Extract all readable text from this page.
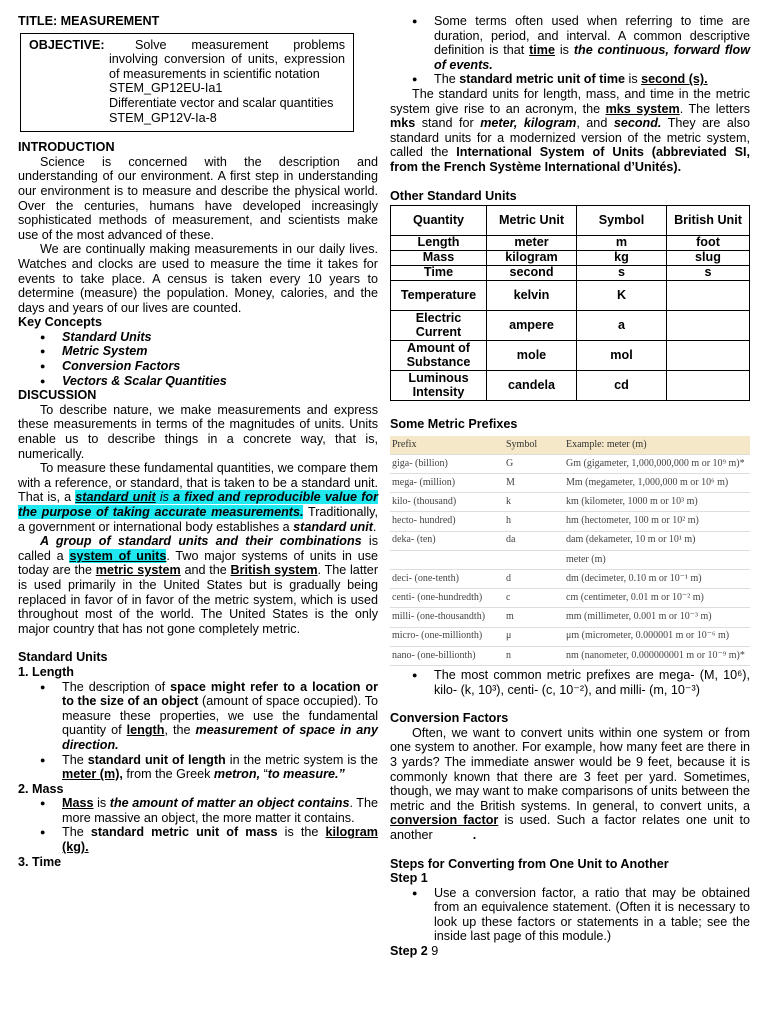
TITLE: MEASUREMENT
OBJECTIVE:	Solve measurement problems involving conversion of units, expression of measurements in scientific notation
STEM_GP12EU-Ia1
Differentiate vector and scalar quantities
STEM_GP12V-Ia-8
INTRODUCTION

Science is concerned with the description and understanding of our environment. A first step in understanding our environment is to measure and describe the physical world. Over the centuries, humans have developed increasingly sophisticated methods of measurement, and scientists make use of the most advanced of these.

We are continually making measurements in our daily lives. Watches and clocks are used to measure the time it takes for events to take place. A census is taken every 10 years to determine (measure) the population. Money, calories, and the days and years of our lives are counted.

Key Concepts
● Standard Units
● Metric System
● Conversion Factors
● Vectors & Scalar Quantities
DISCUSSION

To describe nature, we make measurements and express these measurements in terms of the magnitudes of units. Units enable us to describe things in a concrete way, that is, numerically.

To measure these fundamental quantities, we compare them with a reference, or standard, that is taken to be a standard unit. That is, a standard unit is a fixed and reproducible value for the purpose of taking accurate measurements. Traditionally, a government or international body establishes a standard unit.

A group of standard units and their combinations is called a system of units. Two major systems of units in use today are the metric system and the British system. The latter is used primarily in the United States but is gradually being replaced in favor of in favor of the metric system, which is used throughout most of the world. The United States is the only major country that has not gone completely metric.

Standard Units
1. Length
● The description of space might refer to a location or to the size of an object (amount of space occupied). To measure these properties, we use the fundamental quantity of length, the measurement of space in any direction.
● The standard unit of length in the metric system is the meter (m), from the Greek metron, “to measure.”
2. Mass
● Mass is the amount of matter an object contains. The more massive an object, the more matter it contains.
● The standard metric unit of mass is the kilogram (kg).
3. Time
● Some terms often used when referring to time are duration, period, and interval. A common descriptive definition is that time is the continuous, forward flow of events.
● The standard metric unit of time is second (s).

The standard units for length, mass, and time in the metric system give rise to an acronym, the mks system. The letters mks stand for meter, kilogram, and second. They are also standard units for a modernized version of the metric system, called the International System of Units (abbreviated SI, from the French Système International d’Unités).

Other Standard Units
Quantity	Metric Unit	Symbol	British Unit
Length	meter	m	foot
Mass	kilogram	kg	slug
Time	second	s	s
Temperature	kelvin	K	
Electric Current	ampere	a	
Amount of Substance	mole	mol	
Luminous Intensity	candela	cd	
Some Metric Prefixes
Prefix	Symbol	Example: meter (m)
giga- (billion)	G	Gm (gigameter, 1,000,000,000 m or 10⁹ m)*
mega- (million)	M	Mm (megameter, 1,000,000 m or 10⁶ m)
kilo- (thousand)	k	km (kilometer, 1000 m or 10³ m)
hecto- hundred)	h	hm (hectometer, 100 m or 10² m)
deka- (ten)	da	dam (dekameter, 10 m or 10¹ m)
meter (m)
deci- (one-tenth)	d	dm (decimeter, 0.10 m or 10⁻¹ m)
centi- (one-hundredth)	c	cm (centimeter, 0.01 m or 10⁻² m)
milli- (one-thousandth)	m	mm (millimeter, 0.001 m or 10⁻³ m)
micro- (one-millionth)	μ	μm (micrometer, 0.000001 m or 10⁻⁶ m)
nano- (one-billionth)	n	nm (nanometer, 0.000000001 m or 10⁻⁹ m)*
● The most common metric prefixes are mega- (M, 10⁶), kilo- (k, 10³), centi- (c, 10⁻²), and milli- (m, 10⁻³)
Conversion Factors

Often, we want to convert units within one system or from one system to another. For example, how many feet are there in 3 yards? The immediate answer would be 9 feet, because it is commonly known that there are 3 feet per yard. Sometimes, though, we may want to make comparisons of units between the metric and the British systems. In general, to convert units, a conversion factor is used. Such a factor relates one unit to another	.

Steps for Converting from One Unit to Another
Step 1
● Use a conversion factor, a ratio that may be obtained from an equivalence statement. (Often it is necessary to look up these factors or statements in a table; see the inside last page of this module.)
Step 2 9
